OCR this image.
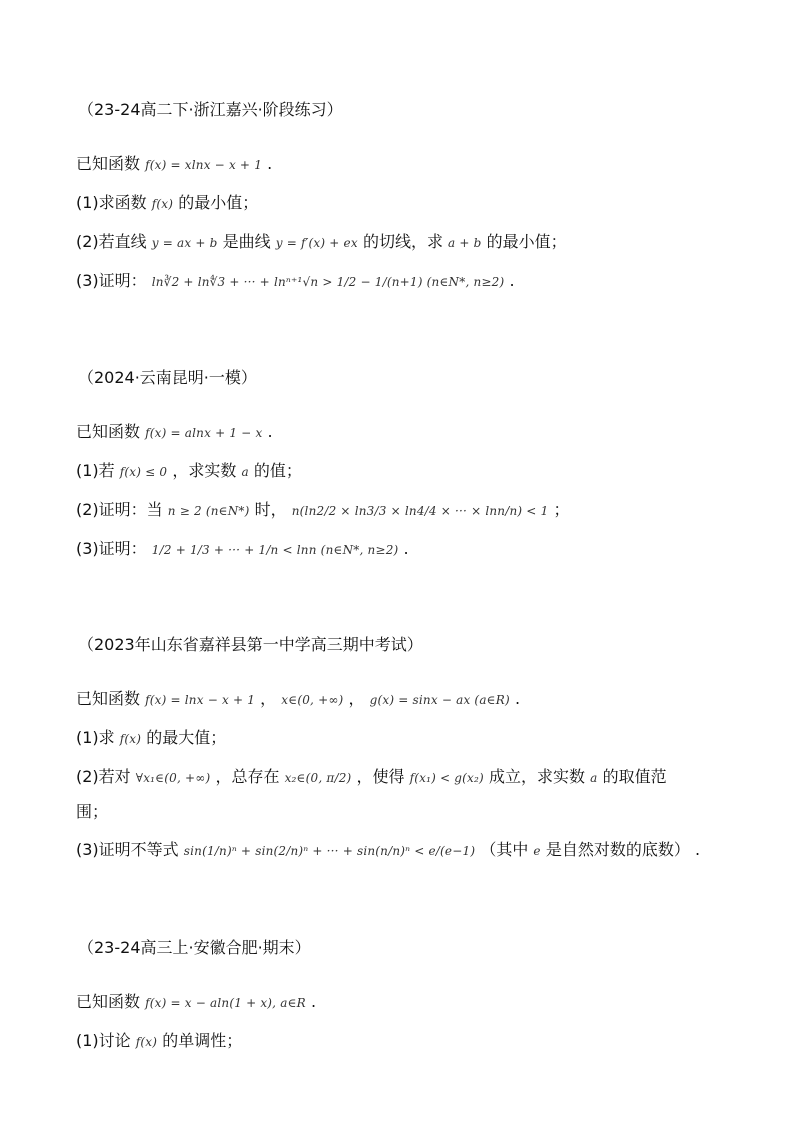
（23-24高二下·浙江嘉兴·阶段练习）
已知函数 f(x) = xlnx − x + 1 .
(1)求函数 f(x) 的最小值；
(2)若直线 y = ax + b 是曲线 y = f′(x) + ex 的切线，求 a + b 的最小值；
(3)证明： ln∛2 + ln∜3 + ··· + lnⁿ⁺¹√n > 1/2 − 1/(n+1) (n∈N*, n≥2) .
（2024·云南昆明·一模）
已知函数 f(x) = alnx + 1 − x .
(1)若 f(x) ≤ 0 ，求实数 a 的值；
(2)证明：当 n ≥ 2 (n∈N*) 时， n(ln2/2 × ln3/3 × ln4/4 × ··· × lnn/n) < 1 ；
(3)证明： 1/2 + 1/3 + ··· + 1/n < lnn (n∈N*, n≥2) .
（2023年山东省嘉祥县第一中学高三期中考试）
已知函数 f(x) = lnx − x + 1 ， x∈(0, +∞) ， g(x) = sinx − ax (a∈R) .
(1)求 f(x) 的最大值；
(2)若对 ∀x₁∈(0, +∞) ，总存在 x₂∈(0, π/2) ，使得 f(x₁) < g(x₂) 成立，求实数 a 的取值范
围；
(3)证明不等式 sin(1/n)ⁿ + sin(2/n)ⁿ + ··· + sin(n/n)ⁿ < e/(e−1) （其中 e 是自然对数的底数） .
（23-24高三上·安徽合肥·期末）
已知函数 f(x) = x − aln(1 + x), a∈R .
(1)讨论 f(x) 的单调性；
